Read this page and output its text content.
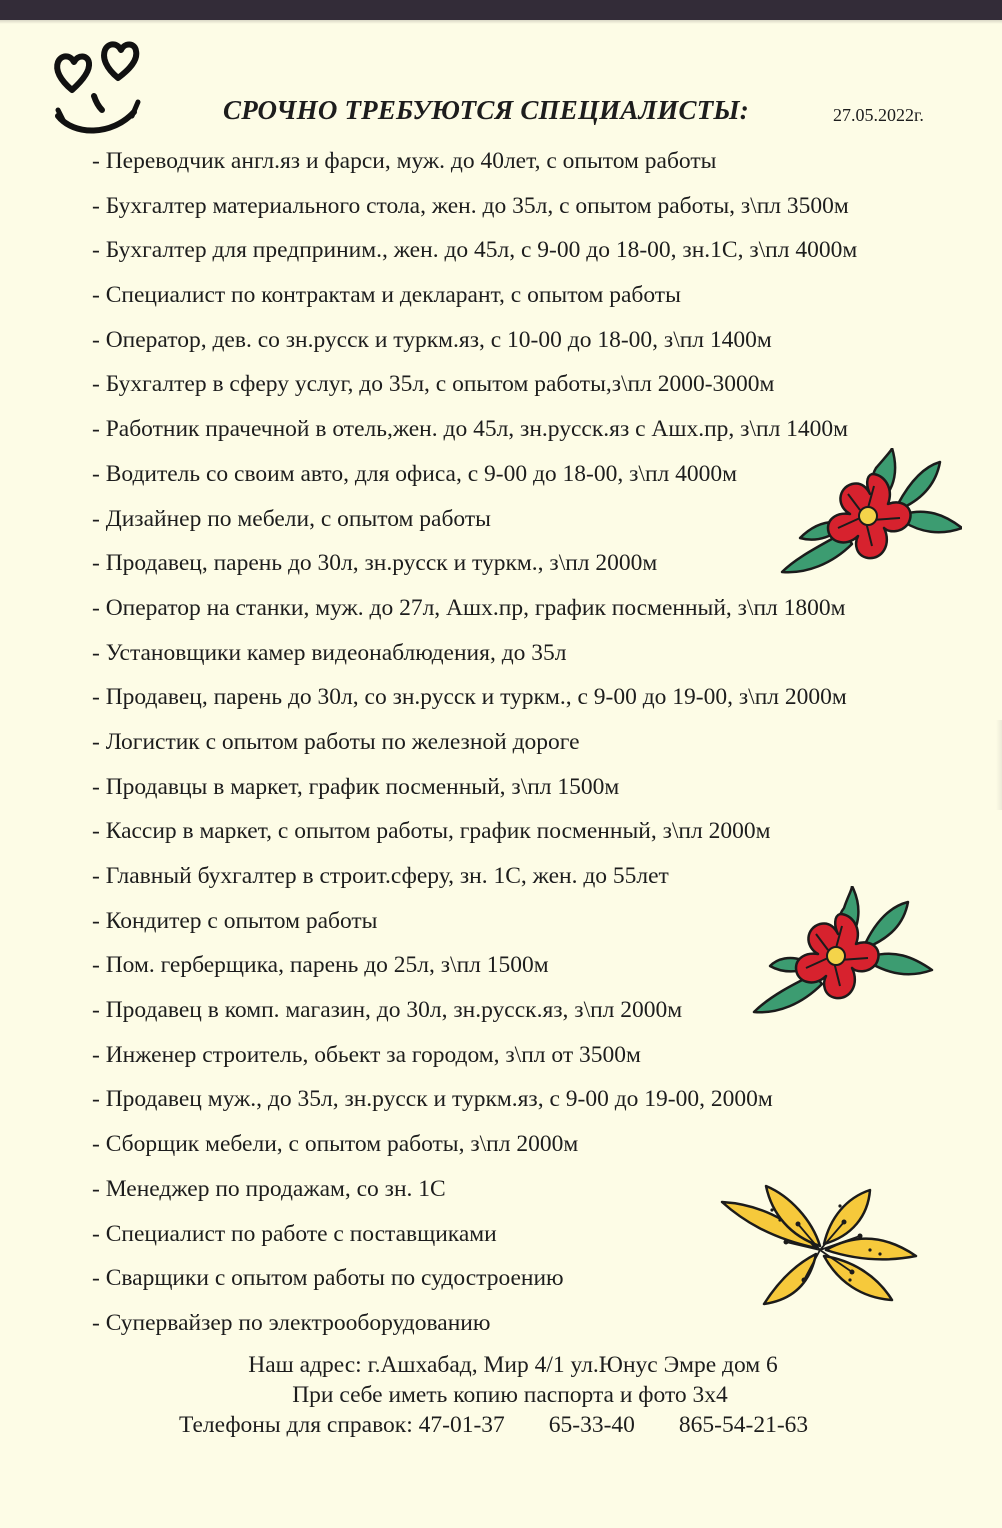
СРОЧНО ТРЕБУЮТСЯ СПЕЦИАЛИСТЫ:	27.05.2022г.
- Переводчик англ.яз и фарси, муж. до 40лет, с опытом работы
- Бухгалтер материального стола, жен. до 35л, с опытом работы, з\пл 3500м
- Бухгалтер для предприним., жен. до 45л, с 9-00 до 18-00, зн.1С, з\пл 4000м
- Специалист по контрактам и декларант, с опытом работы
- Оператор, дев. со зн.русск и туркм.яз, с 10-00 до 18-00, з\пл 1400м
- Бухгалтер в сферу услуг, до 35л, с опытом работы,з\пл 2000-3000м
- Работник прачечной в отель,жен. до 45л, зн.русск.яз с Ашх.пр, з\пл 1400м
- Водитель со своим авто, для офиса, с 9-00 до 18-00, з\пл 4000м
- Дизайнер по мебели, с опытом работы
- Продавец, парень до 30л, зн.русск и туркм., з\пл 2000м
- Оператор на станки, муж. до 27л, Ашх.пр, график посменный, з\пл 1800м
- Установщики камер видеонаблюдения, до 35л
- Продавец, парень до 30л, со зн.русск и туркм., с 9-00 до 19-00, з\пл 2000м
- Логистик с опытом работы по железной дороге
- Продавцы в маркет, график посменный, з\пл 1500м
- Кассир в маркет, с опытом работы, график посменный, з\пл 2000м
- Главный бухгалтер в строит.сферу, зн. 1С, жен. до 55лет
- Кондитер с опытом работы
- Пом. герберщика, парень до 25л, з\пл 1500м
- Продавец в комп. магазин, до 30л, зн.русск.яз, з\пл 2000м
- Инженер строитель, обьект за городом, з\пл от 3500м
- Продавец муж., до 35л, зн.русск и туркм.яз, с 9-00 до 19-00, 2000м
- Сборщик мебели, с опытом работы, з\пл 2000м
- Менеджер по продажам, со зн. 1С
- Специалист по работе с поставщиками
- Сварщики с опытом работы по судостроению
- Супервайзер по электрооборудованию
Наш адрес: г.Ашхабад, Мир 4/1 ул.Юнус Эмре дом 6
При себе иметь копию паспорта и фото 3х4
Телефоны для справок: 47-01-37 65-33-40 865-54-21-63
